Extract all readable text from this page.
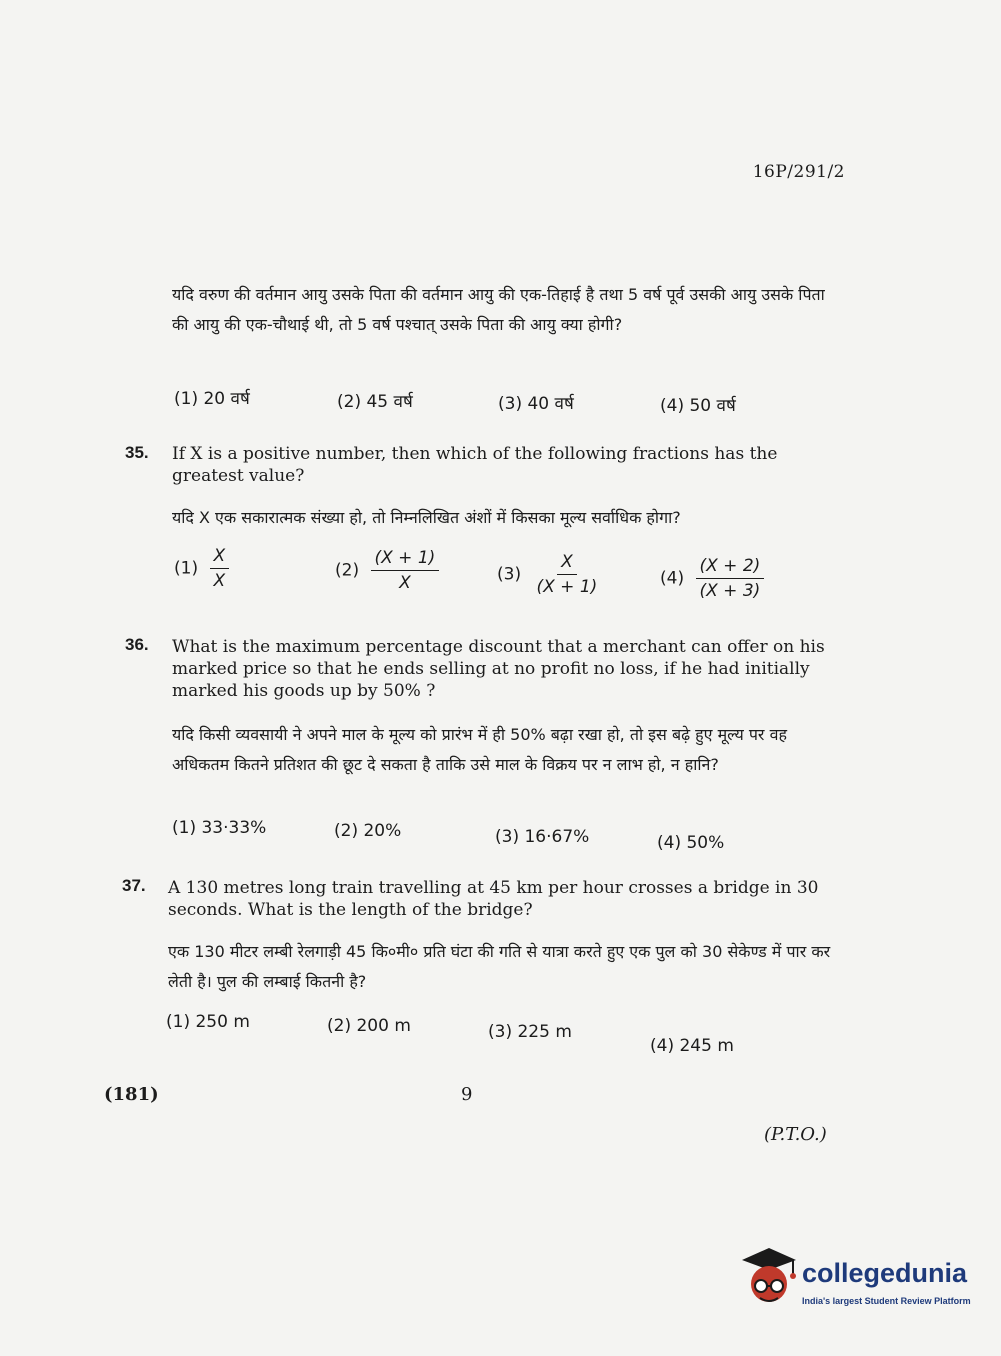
16P/291/2
यदि वरुण की वर्तमान आयु उसके पिता की वर्तमान आयु की एक-तिहाई है तथा 5 वर्ष पूर्व उसकी आयु उसके पिता की आयु की एक-चौथाई थी, तो 5 वर्ष पश्चात् उसके पिता की आयु क्या होगी?
(1) 20 वर्ष	(2) 45 वर्ष	(3) 40 वर्ष	(4) 50 वर्ष
35. If X is a positive number, then which of the following fractions has the greatest value?
यदि X एक सकारात्मक संख्या हो, तो निम्नलिखित अंशों में किसका मूल्य सर्वाधिक होगा?
$(1) \frac{X}{X}$	$(2) \frac{(X + 1)}{X}$	$(3) \frac{X}{(X + 1)}$	$(4) \frac{(X + 2)}{(X + 3)}$
36. What is the maximum percentage discount that a merchant can offer on his marked price so that he ends selling at no profit no loss, if he had initially marked his goods up by 50% ?
यदि किसी व्यवसायी ने अपने माल के मूल्य को प्रारंभ में ही 50% बढ़ा रखा हो, तो इस बढ़े हुए मूल्य पर वह अधिकतम कितने प्रतिशत की छूट दे सकता है ताकि उसे माल के विक्रय पर न लाभ हो, न हानि?
(1) 33·33%	(2) 20%	(3) 16·67%	(4) 50%
37. A 130 metres long train travelling at 45 km per hour crosses a bridge in 30 seconds. What is the length of the bridge?
एक 130 मीटर लम्बी रेलगाड़ी 45 कि०मी० प्रति घंटा की गति से यात्रा करते हुए एक पुल को 30 सेकेण्ड में पार कर लेती है। पुल की लम्बाई कितनी है?
(1) 250 m	(2) 200 m	(3) 225 m
(4) 245 m
(181)	9
(P.T.O.)
collegedunia
India's largest Student Review Platform
